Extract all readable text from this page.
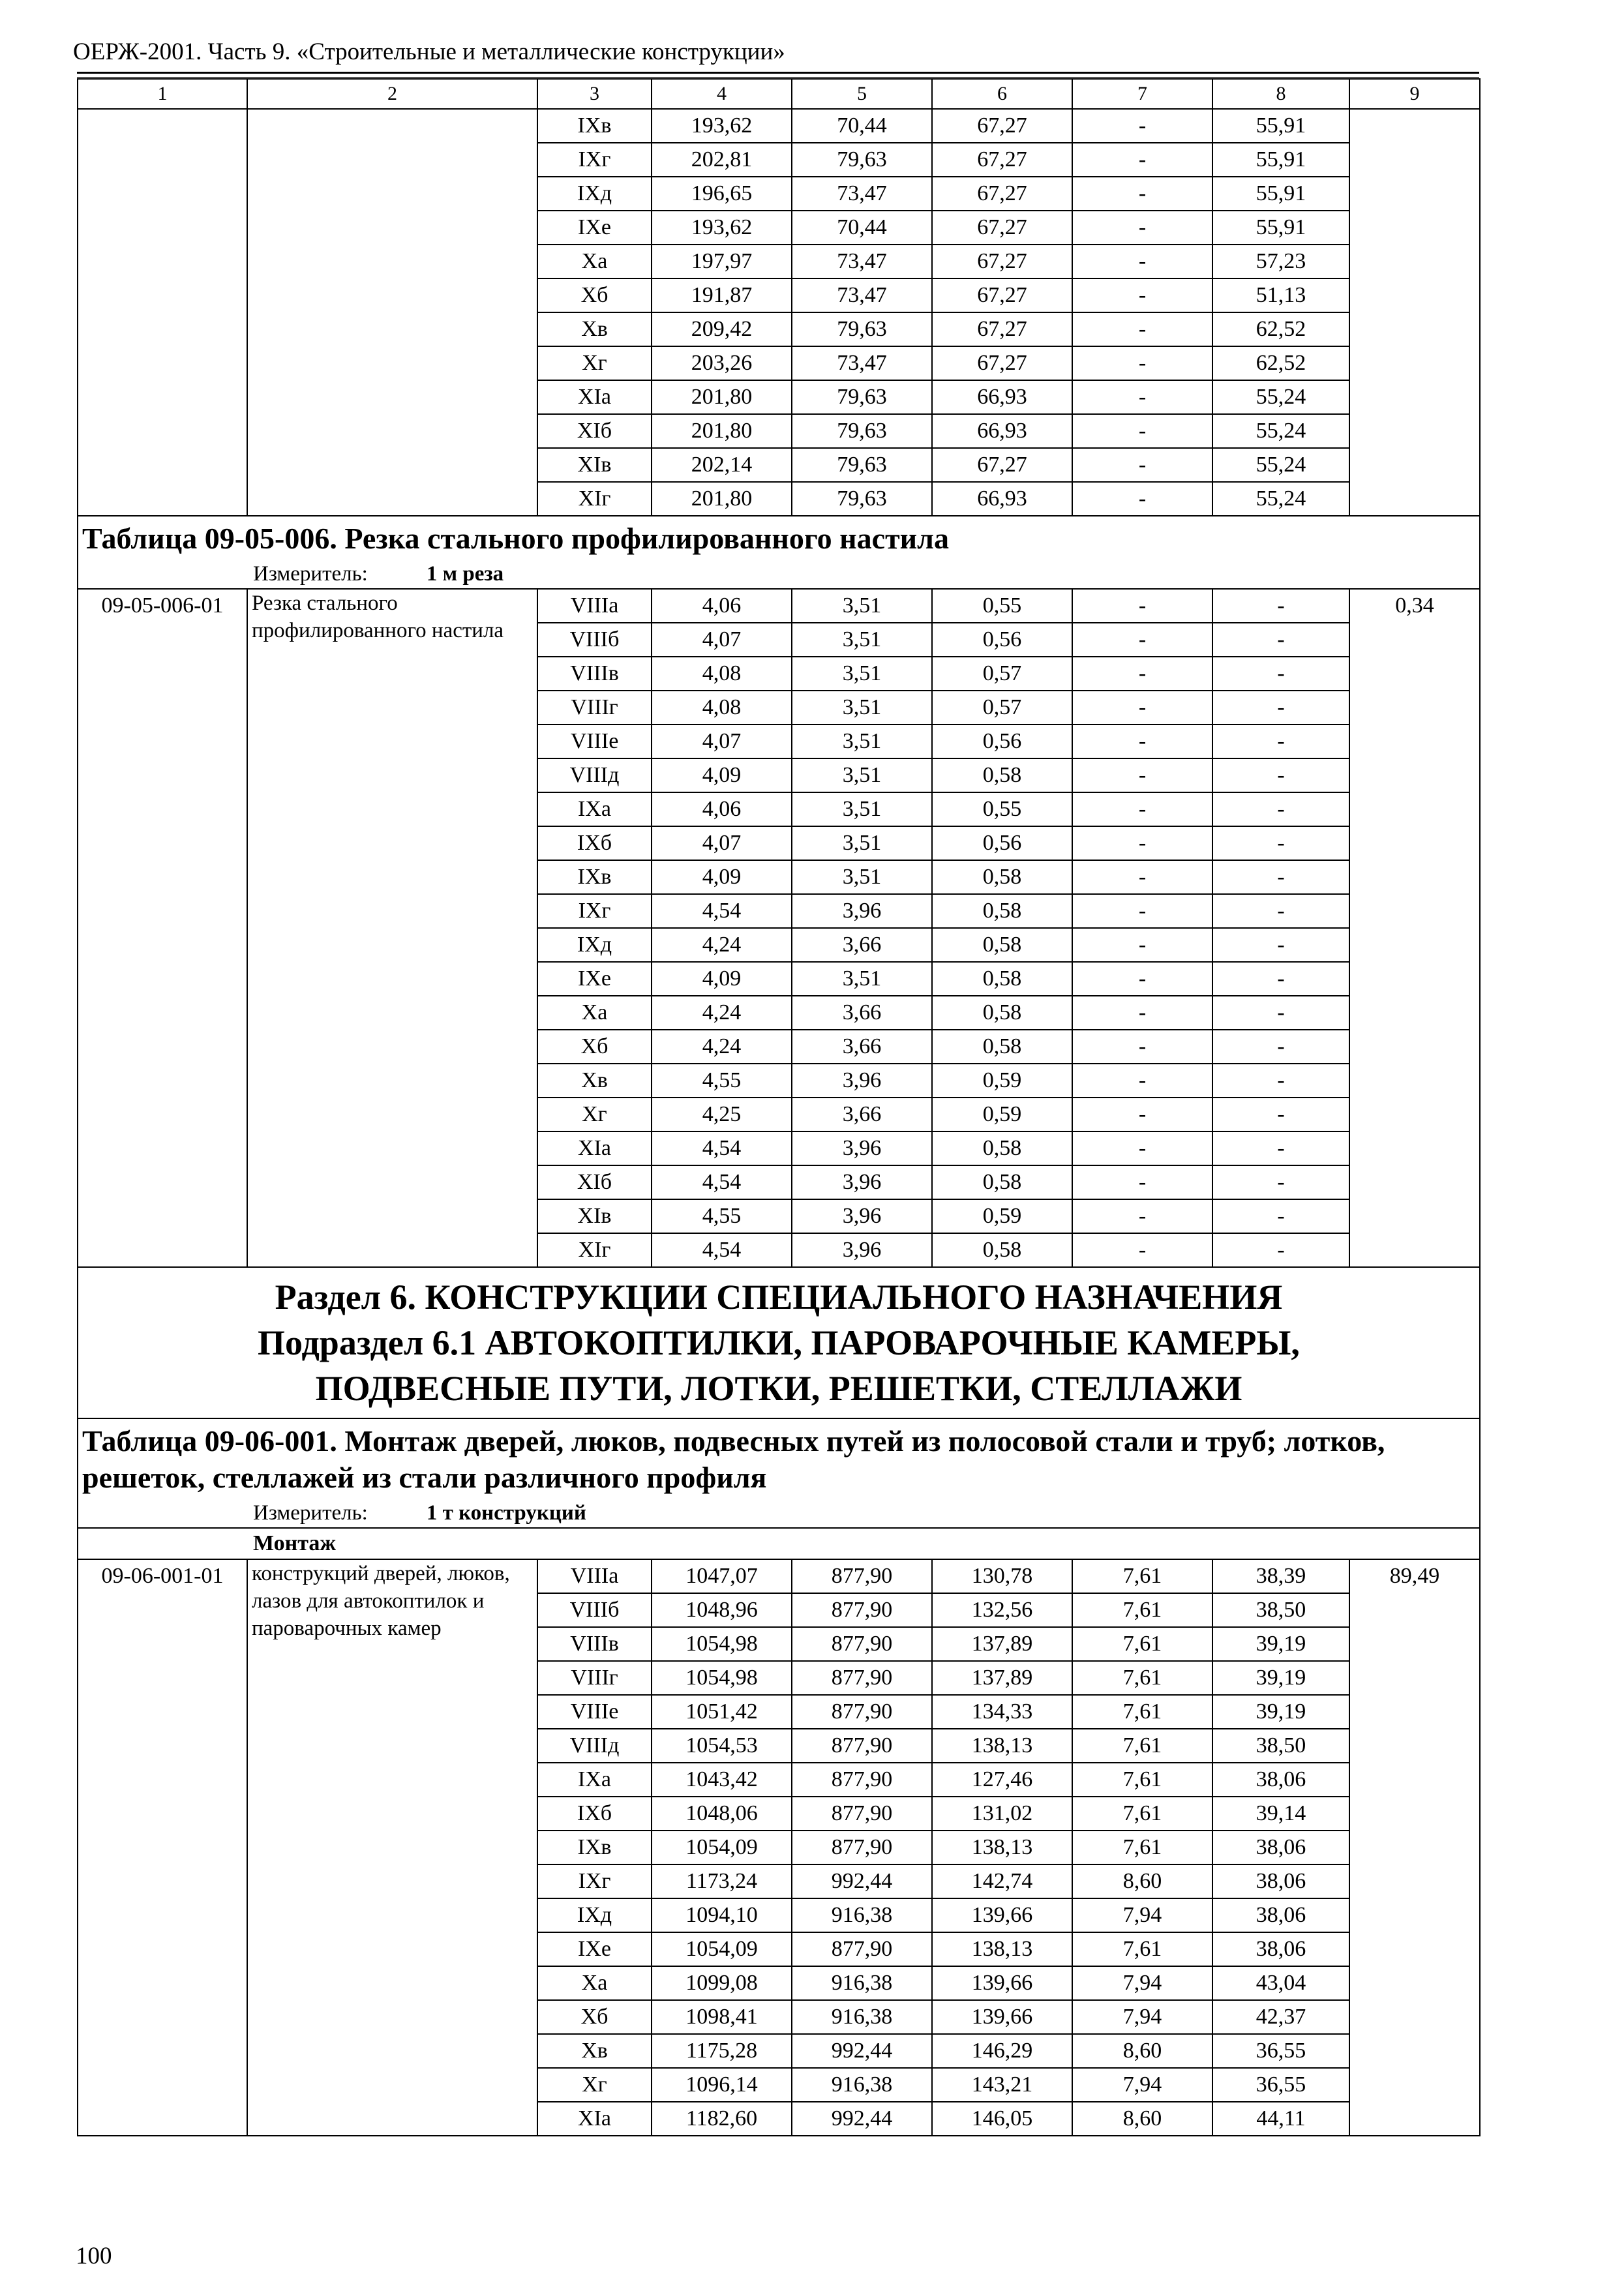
ОЕРЖ-2001. Часть 9. «Строительные и металлические конструкции»
1	2	3	4	5	6	7	8	9
		IXв	193,62	70,44	67,27	-	55,91	
		IXг	202,81	79,63	67,27	-	55,91	
		IXд	196,65	73,47	67,27	-	55,91	
		IXе	193,62	70,44	67,27	-	55,91	
		Xа	197,97	73,47	67,27	-	57,23	
		Xб	191,87	73,47	67,27	-	51,13	
		Xв	209,42	79,63	67,27	-	62,52	
		Xг	203,26	73,47	67,27	-	62,52	
		XIа	201,80	79,63	66,93	-	55,24	
		XIб	201,80	79,63	66,93	-	55,24	
		XIв	202,14	79,63	67,27	-	55,24	
		XIг	201,80	79,63	66,93	-	55,24	
Таблица 09-05-006. Резка стального профилированного настила								
Измеритель: 1 м реза								
09-05-006-01	Резка стального профилированного настила	VIIIа	4,06	3,51	0,55	-	-	0,34
		VIIIб	4,07	3,51	0,56	-	-	
		VIIIв	4,08	3,51	0,57	-	-	
		VIIIг	4,08	3,51	0,57	-	-	
		VIIIе	4,07	3,51	0,56	-	-	
		VIIIд	4,09	3,51	0,58	-	-	
		IXа	4,06	3,51	0,55	-	-	
		IXб	4,07	3,51	0,56	-	-	
		IXв	4,09	3,51	0,58	-	-	
		IXг	4,54	3,96	0,58	-	-	
		IXд	4,24	3,66	0,58	-	-	
		IXе	4,09	3,51	0,58	-	-	
		Xа	4,24	3,66	0,58	-	-	
		Xб	4,24	3,66	0,58	-	-	
		Xв	4,55	3,96	0,59	-	-	
		Xг	4,25	3,66	0,59	-	-	
		XIа	4,54	3,96	0,58	-	-	
		XIб	4,54	3,96	0,58	-	-	
		XIв	4,55	3,96	0,59	-	-	
		XIг	4,54	3,96	0,58	-	-	

Раздел 6. КОНСТРУКЦИИ СПЕЦИАЛЬНОГО НАЗНАЧЕНИЯ
Подраздел 6.1 АВТОКОПТИЛКИ, ПАРОВАРОЧНЫЕ КАМЕРЫ,
ПОДВЕСНЫЕ ПУТИ, ЛОТКИ, РЕШЕТКИ, СТЕЛЛАЖИ								

Таблица 09-06-001. Монтаж дверей, люков, подвесных путей из полосовой стали и труб; лотков, решеток, стеллажей из стали различного профиля								
Измеритель: 1 т конструкций								
Монтаж								
09-06-001-01	конструкций дверей, люков, лазов для автокоптилок и пароварочных камер	VIIIа	1047,07	877,90	130,78	7,61	38,39	89,49
		VIIIб	1048,96	877,90	132,56	7,61	38,50	
		VIIIв	1054,98	877,90	137,89	7,61	39,19	
		VIIIг	1054,98	877,90	137,89	7,61	39,19	
		VIIIе	1051,42	877,90	134,33	7,61	39,19	
		VIIIд	1054,53	877,90	138,13	7,61	38,50	
		IXа	1043,42	877,90	127,46	7,61	38,06	
		IXб	1048,06	877,90	131,02	7,61	39,14	
		IXв	1054,09	877,90	138,13	7,61	38,06	
		IXг	1173,24	992,44	142,74	8,60	38,06	
		IXд	1094,10	916,38	139,66	7,94	38,06	
		IXе	1054,09	877,90	138,13	7,61	38,06	
		Xа	1099,08	916,38	139,66	7,94	43,04	
		Xб	1098,41	916,38	139,66	7,94	42,37	
		Xв	1175,28	992,44	146,29	8,60	36,55	
		Xг	1096,14	916,38	143,21	7,94	36,55	
		XIа	1182,60	992,44	146,05	8,60	44,11	
100
